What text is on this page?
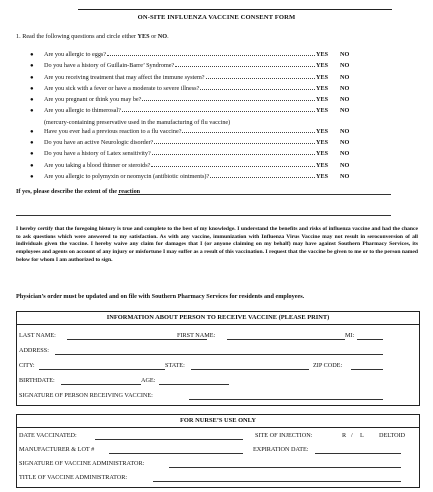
ON-SITE INFLUENZA VACCINE CONSENT FORM
1. Read the following questions and circle either YES or NO.
●	Are you allergic to eggs?	YES	NO
●	Do you have a history of Guillain-Barre’ Syndrome?	YES	NO
●	Are you receiving treatment that may affect the immune system?	YES	NO
●	Are you sick with a fever or have a moderate to severe illness?	YES	NO
●	Are you pregnant or think you may be?	YES	NO
●	Are you allergic to thimerosal?	YES	NO
(mercury-containing preservative used in the manufacturing of flu vaccine)
●	Have you ever had a previous reaction to a flu vaccine?	YES	NO
●	Do you have an active Neurologic disorder?	YES	NO
●	Do you have a history of Latex sensitivity?	YES	NO
●	Are you taking a blood thinner or steroids?	YES	NO
●	Are you allergic to polymyxin or neomycin (antibiotic ointments)?	YES	NO
If yes, please describe the extent of the reaction
I hereby certify that the foregoing history is true and complete to the best of my knowledge. I understand the benefits and risks of influenza vaccine and had the chance to ask questions which were answered to my satisfaction. As with any vaccine, immunization with Influenza Virus Vaccine may not result in seroconversion of all individuals given the vaccine. I hereby waive any claim for damages that I (or anyone claiming on my behalf) may have against Southern Pharmacy Services, its employees and agents on account of any injury or misfortune I may suffer as a result of this vaccination. I request that the vaccine be given to me or to the person named below for whom I am authorized to sign.
Physician’s order must be updated and on file with Southern Pharmacy Services for residents and employees.
INFORMATION ABOUT PERSON TO RECEIVE VACCINE (PLEASE PRINT)
LAST NAME:	FIRST NAME:	MI:
ADDRESS:
CITY:	STATE:	ZIP CODE:
BIRTHDATE:	AGE:
SIGNATURE OF PERSON RECEIVING VACCINE:
FOR NURSE’S USE ONLY
DATE VACCINATED:	SITE OF INJECTION:	R / L DELTOID
MANUFACTURER & LOT #	EXPIRATION DATE:
SIGNATURE OF VACCINE ADMINISTRATOR:
TITLE OF VACCINE ADMINISTRATOR:
